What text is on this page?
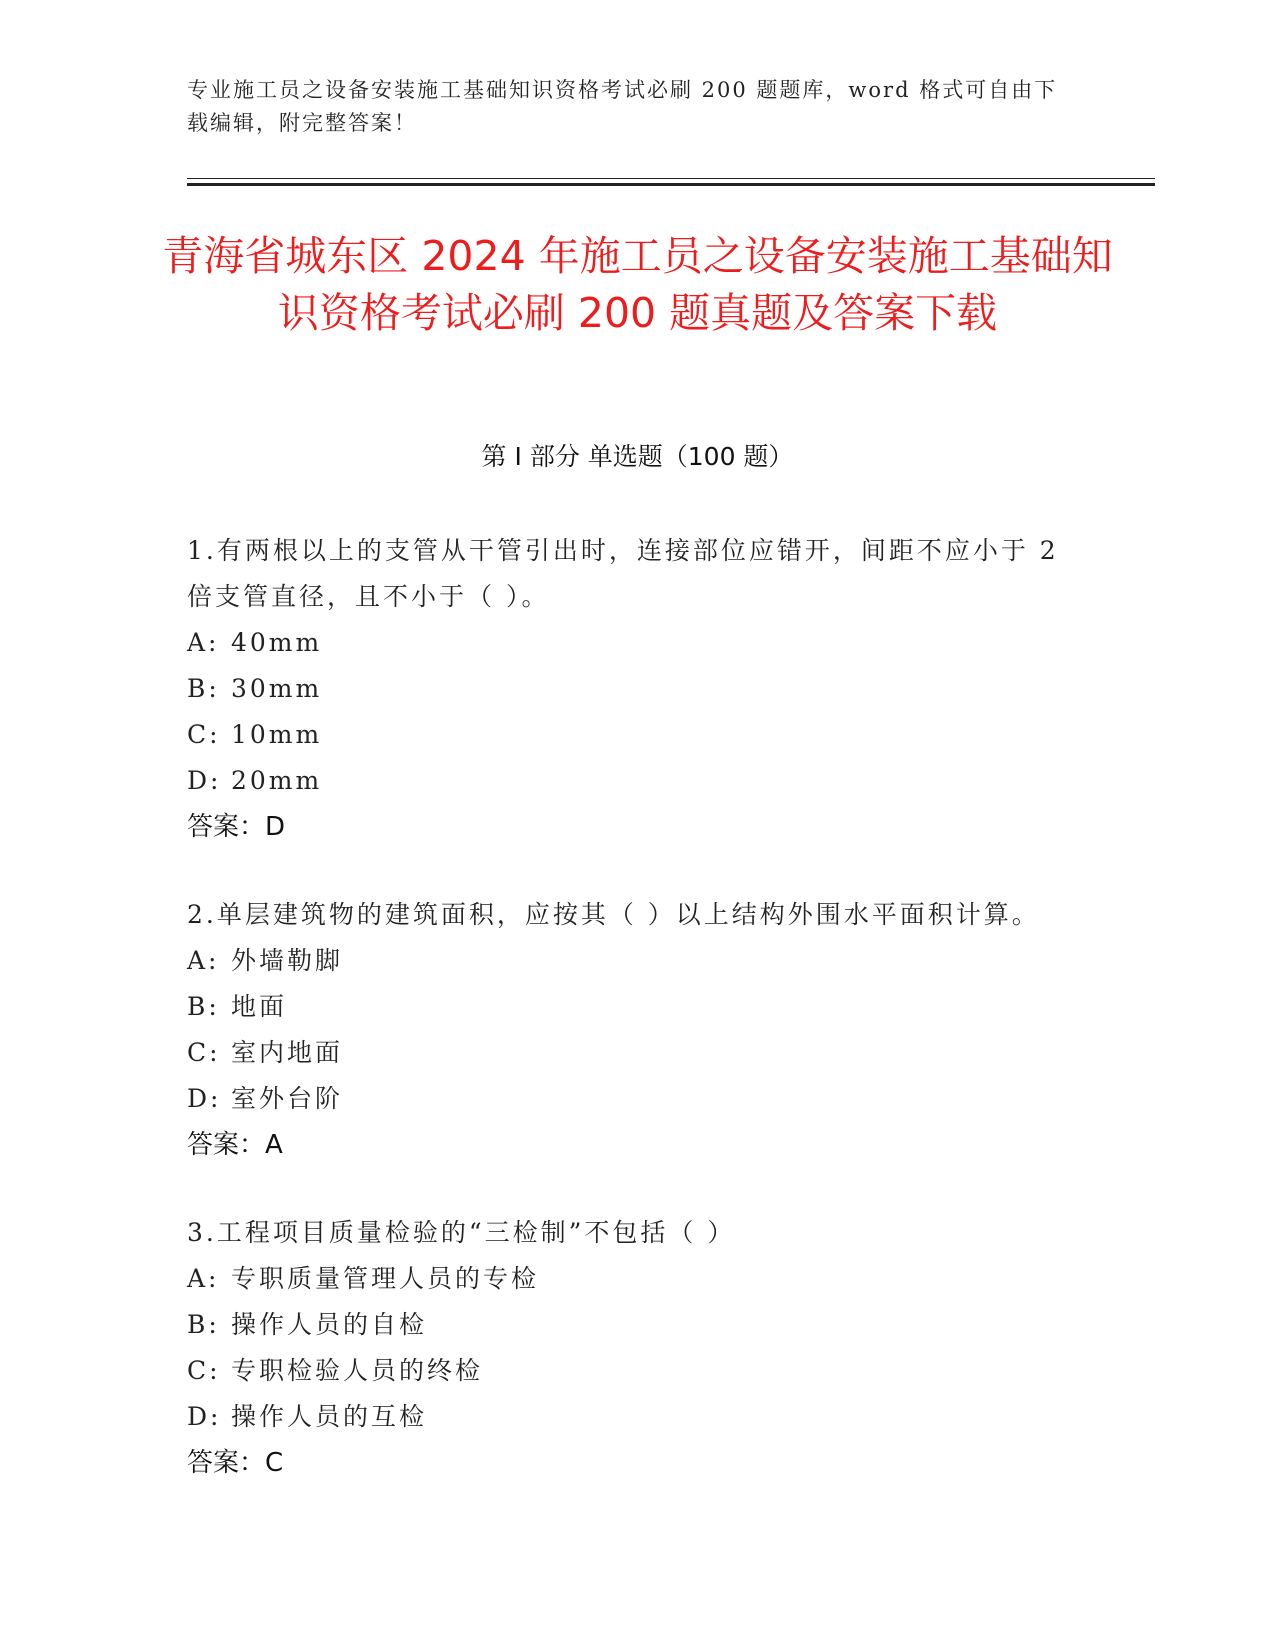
专业施工员之设备安装施工基础知识资格考试必刷 200 题题库，word 格式可自由下载编辑，附完整答案！
青海省城东区 2024 年施工员之设备安装施工基础知识资格考试必刷 200 题真题及答案下载
第 I 部分 单选题（100 题）
1.有两根以上的支管从干管引出时，连接部位应错开，间距不应小于 2 倍支管直径，且不小于（ ）。
A: 40mm
B: 30mm
C: 10mm
D: 20mm
答案：D
2.单层建筑物的建筑面积，应按其（ ）以上结构外围水平面积计算。
A: 外墙勒脚
B: 地面
C: 室内地面
D: 室外台阶
答案：A
3.工程项目质量检验的“三检制”不包括（ ）
A: 专职质量管理人员的专检
B: 操作人员的自检
C: 专职检验人员的终检
D: 操作人员的互检
答案：C
